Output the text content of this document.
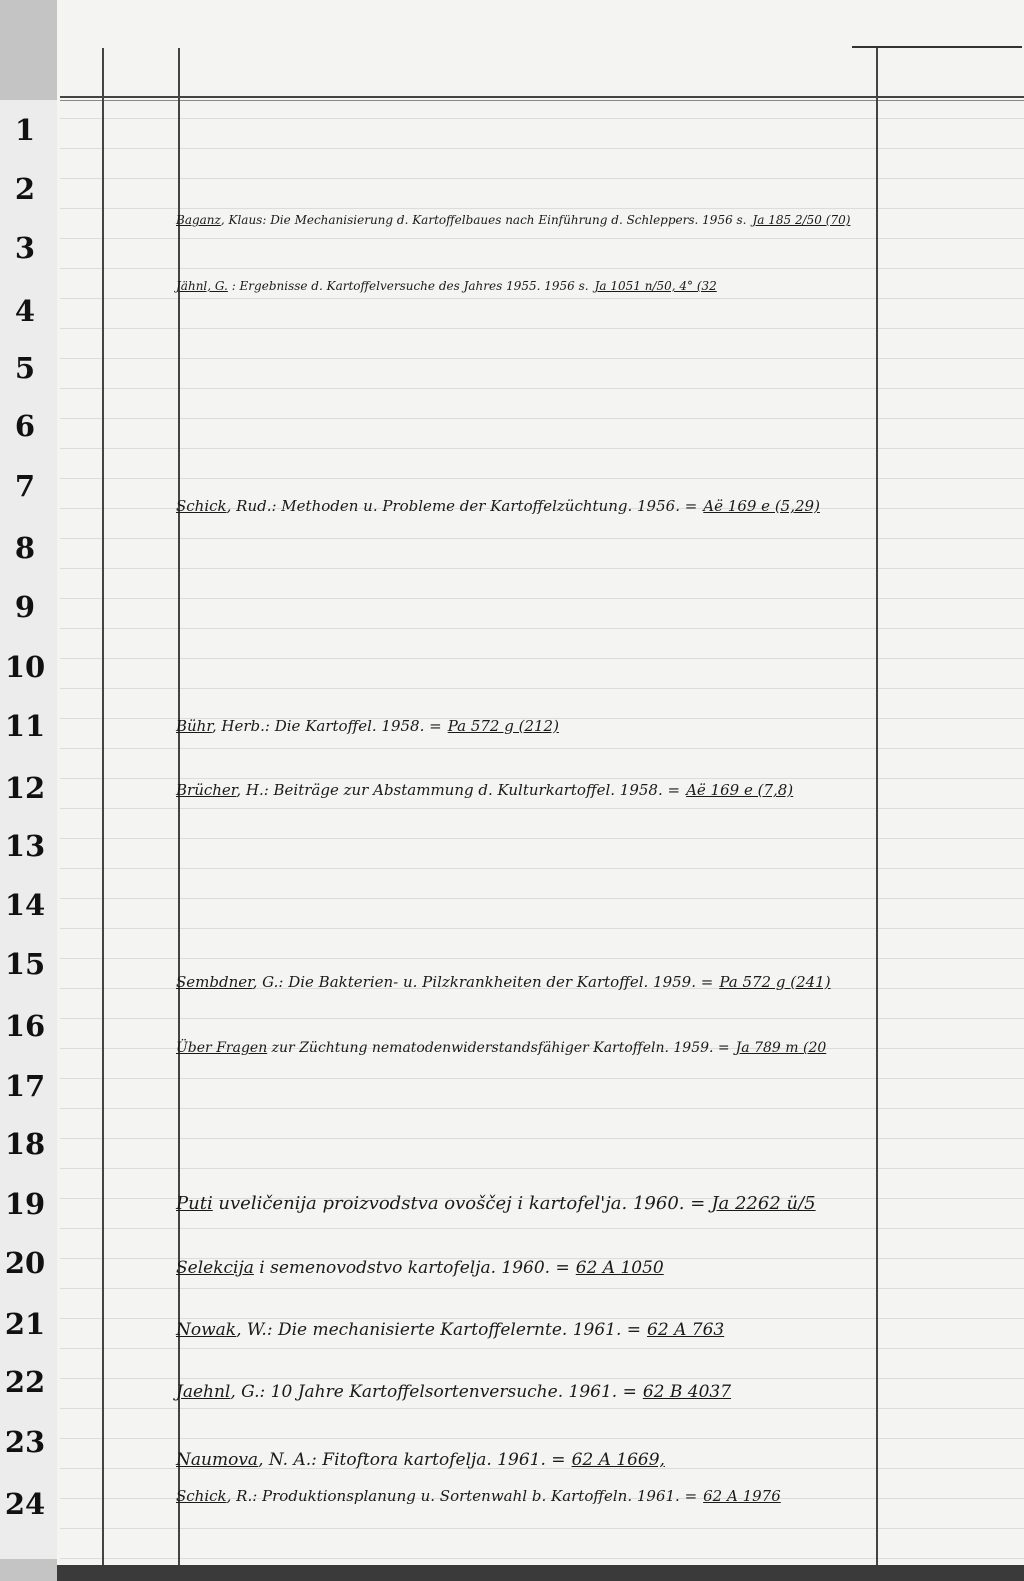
1
2
3
4
5
6
7
8
9
10
11
12
13
14
15
16
17
18
19
20
21
22
23
24
Baganz, Klaus: Die Mechanisierung d. Kartoffelbaues nach Einführung d. Schleppers. 1956 s. Ja 185 2/50 (70)
Jähnl, G. : Ergebnisse d. Kartoffelversuche des Jahres 1955. 1956 s. Ja 1051 n/50, 4° (32
Schick, Rud.: Methoden u. Probleme der Kartoffelzüchtung. 1956. = Aë 169 e (5,29)
Bühr, Herb.: Die Kartoffel. 1958. = Pa 572 g (212)
Brücher, H.: Beiträge zur Abstammung d. Kulturkartoffel. 1958. = Aë 169 e (7,8)
Sembdner, G.: Die Bakterien- u. Pilzkrankheiten der Kartoffel. 1959. = Pa 572 g (241)
Über Fragen zur Züchtung nematodenwiderstandsfähiger Kartoffeln. 1959. = Ja 789 m (20
Puti uveličenija proizvodstva ovoščej i kartofel'ja. 1960. = Ja 2262 ü/5
Selekcija i semenovodstvo kartofelja. 1960. = 62 A 1050
Nowak, W.: Die mechanisierte Kartoffelernte. 1961. = 62 A 763
Jaehnl, G.: 10 Jahre Kartoffelsortenversuche. 1961. = 62 B 4037
Naumova, N. A.: Fitoftora kartofelja. 1961. = 62 A 1669,
Schick, R.: Produktionsplanung u. Sortenwahl b. Kartoffeln. 1961. = 62 A 1976
